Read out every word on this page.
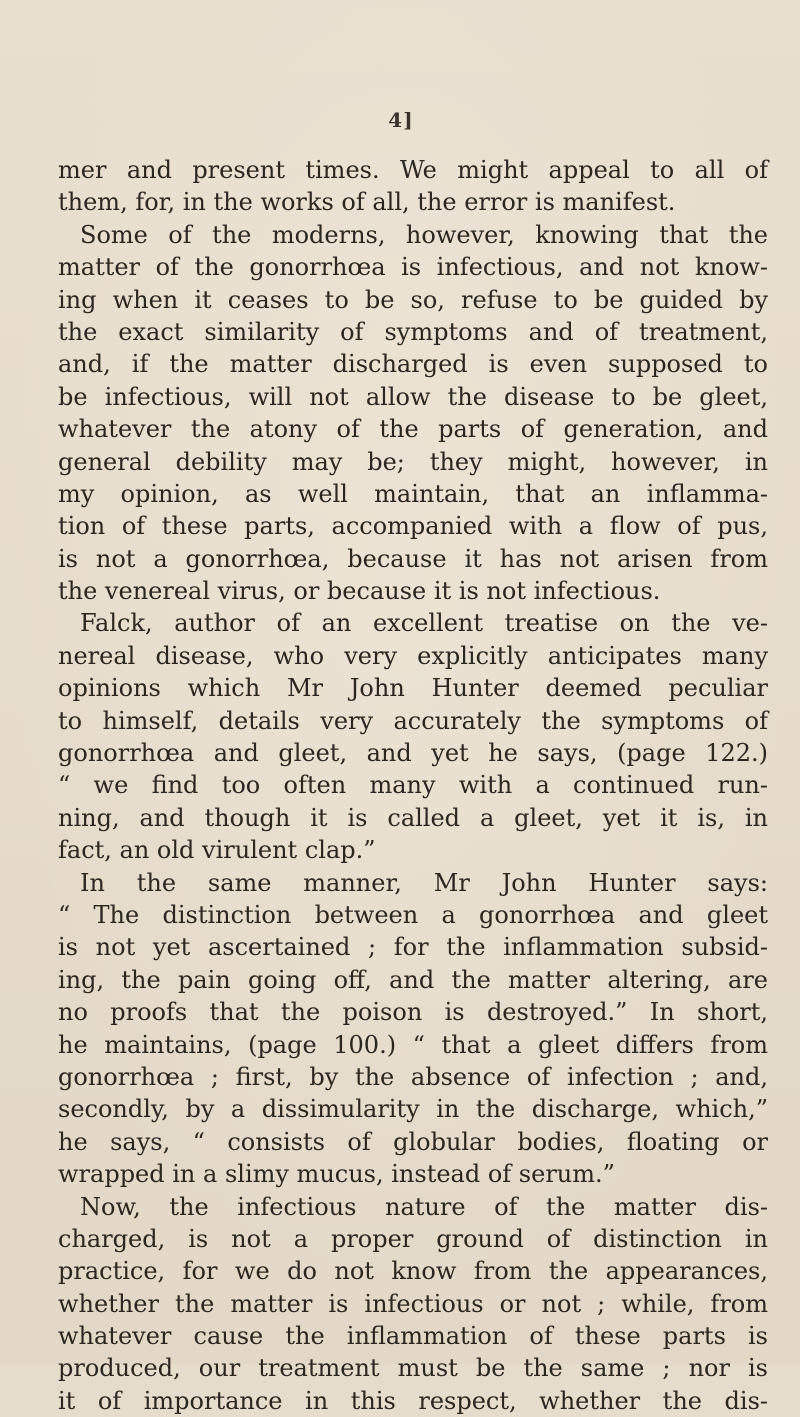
4]
mer and present times. We might appeal to all of
them, for, in the works of all, the error is manifest.
Some of the moderns, however, knowing that the
matter of the gonorrhœa is infectious, and not know-
ing when it ceases to be so, refuse to be guided by
the exact similarity of symptoms and of treatment,
and, if the matter discharged is even supposed to
be infectious, will not allow the disease to be gleet,
whatever the atony of the parts of generation, and
general debility may be; they might, however, in
my opinion, as well maintain, that an inflamma-
tion of these parts, accompanied with a flow of pus,
is not a gonorrhœa, because it has not arisen from
the venereal virus, or because it is not infectious.
Falck, author of an excellent treatise on the ve-
nereal disease, who very explicitly anticipates many
opinions which Mr John Hunter deemed peculiar
to himself, details very accurately the symptoms of
gonorrhœa and gleet, and yet he says, (page 122.)
“ we find too often many with a continued run-
ning, and though it is called a gleet, yet it is, in
fact, an old virulent clap.”
In the same manner, Mr John Hunter says:
“ The distinction between a gonorrhœa and gleet
is not yet ascertained ; for the inflammation subsid-
ing, the pain going off, and the matter altering, are
no proofs that the poison is destroyed.” In short,
he maintains, (page 100.) “ that a gleet differs from
gonorrhœa ; first, by the absence of infection ; and,
secondly, by a dissimularity in the discharge, which,”
he says, “ consists of globular bodies, floating or
wrapped in a slimy mucus, instead of serum.”
Now, the infectious nature of the matter dis-
charged, is not a proper ground of distinction in
practice, for we do not know from the appearances,
whether the matter is infectious or not ; while, from
whatever cause the inflammation of these parts is
produced, our treatment must be the same ; nor is
it of importance in this respect, whether the dis-
